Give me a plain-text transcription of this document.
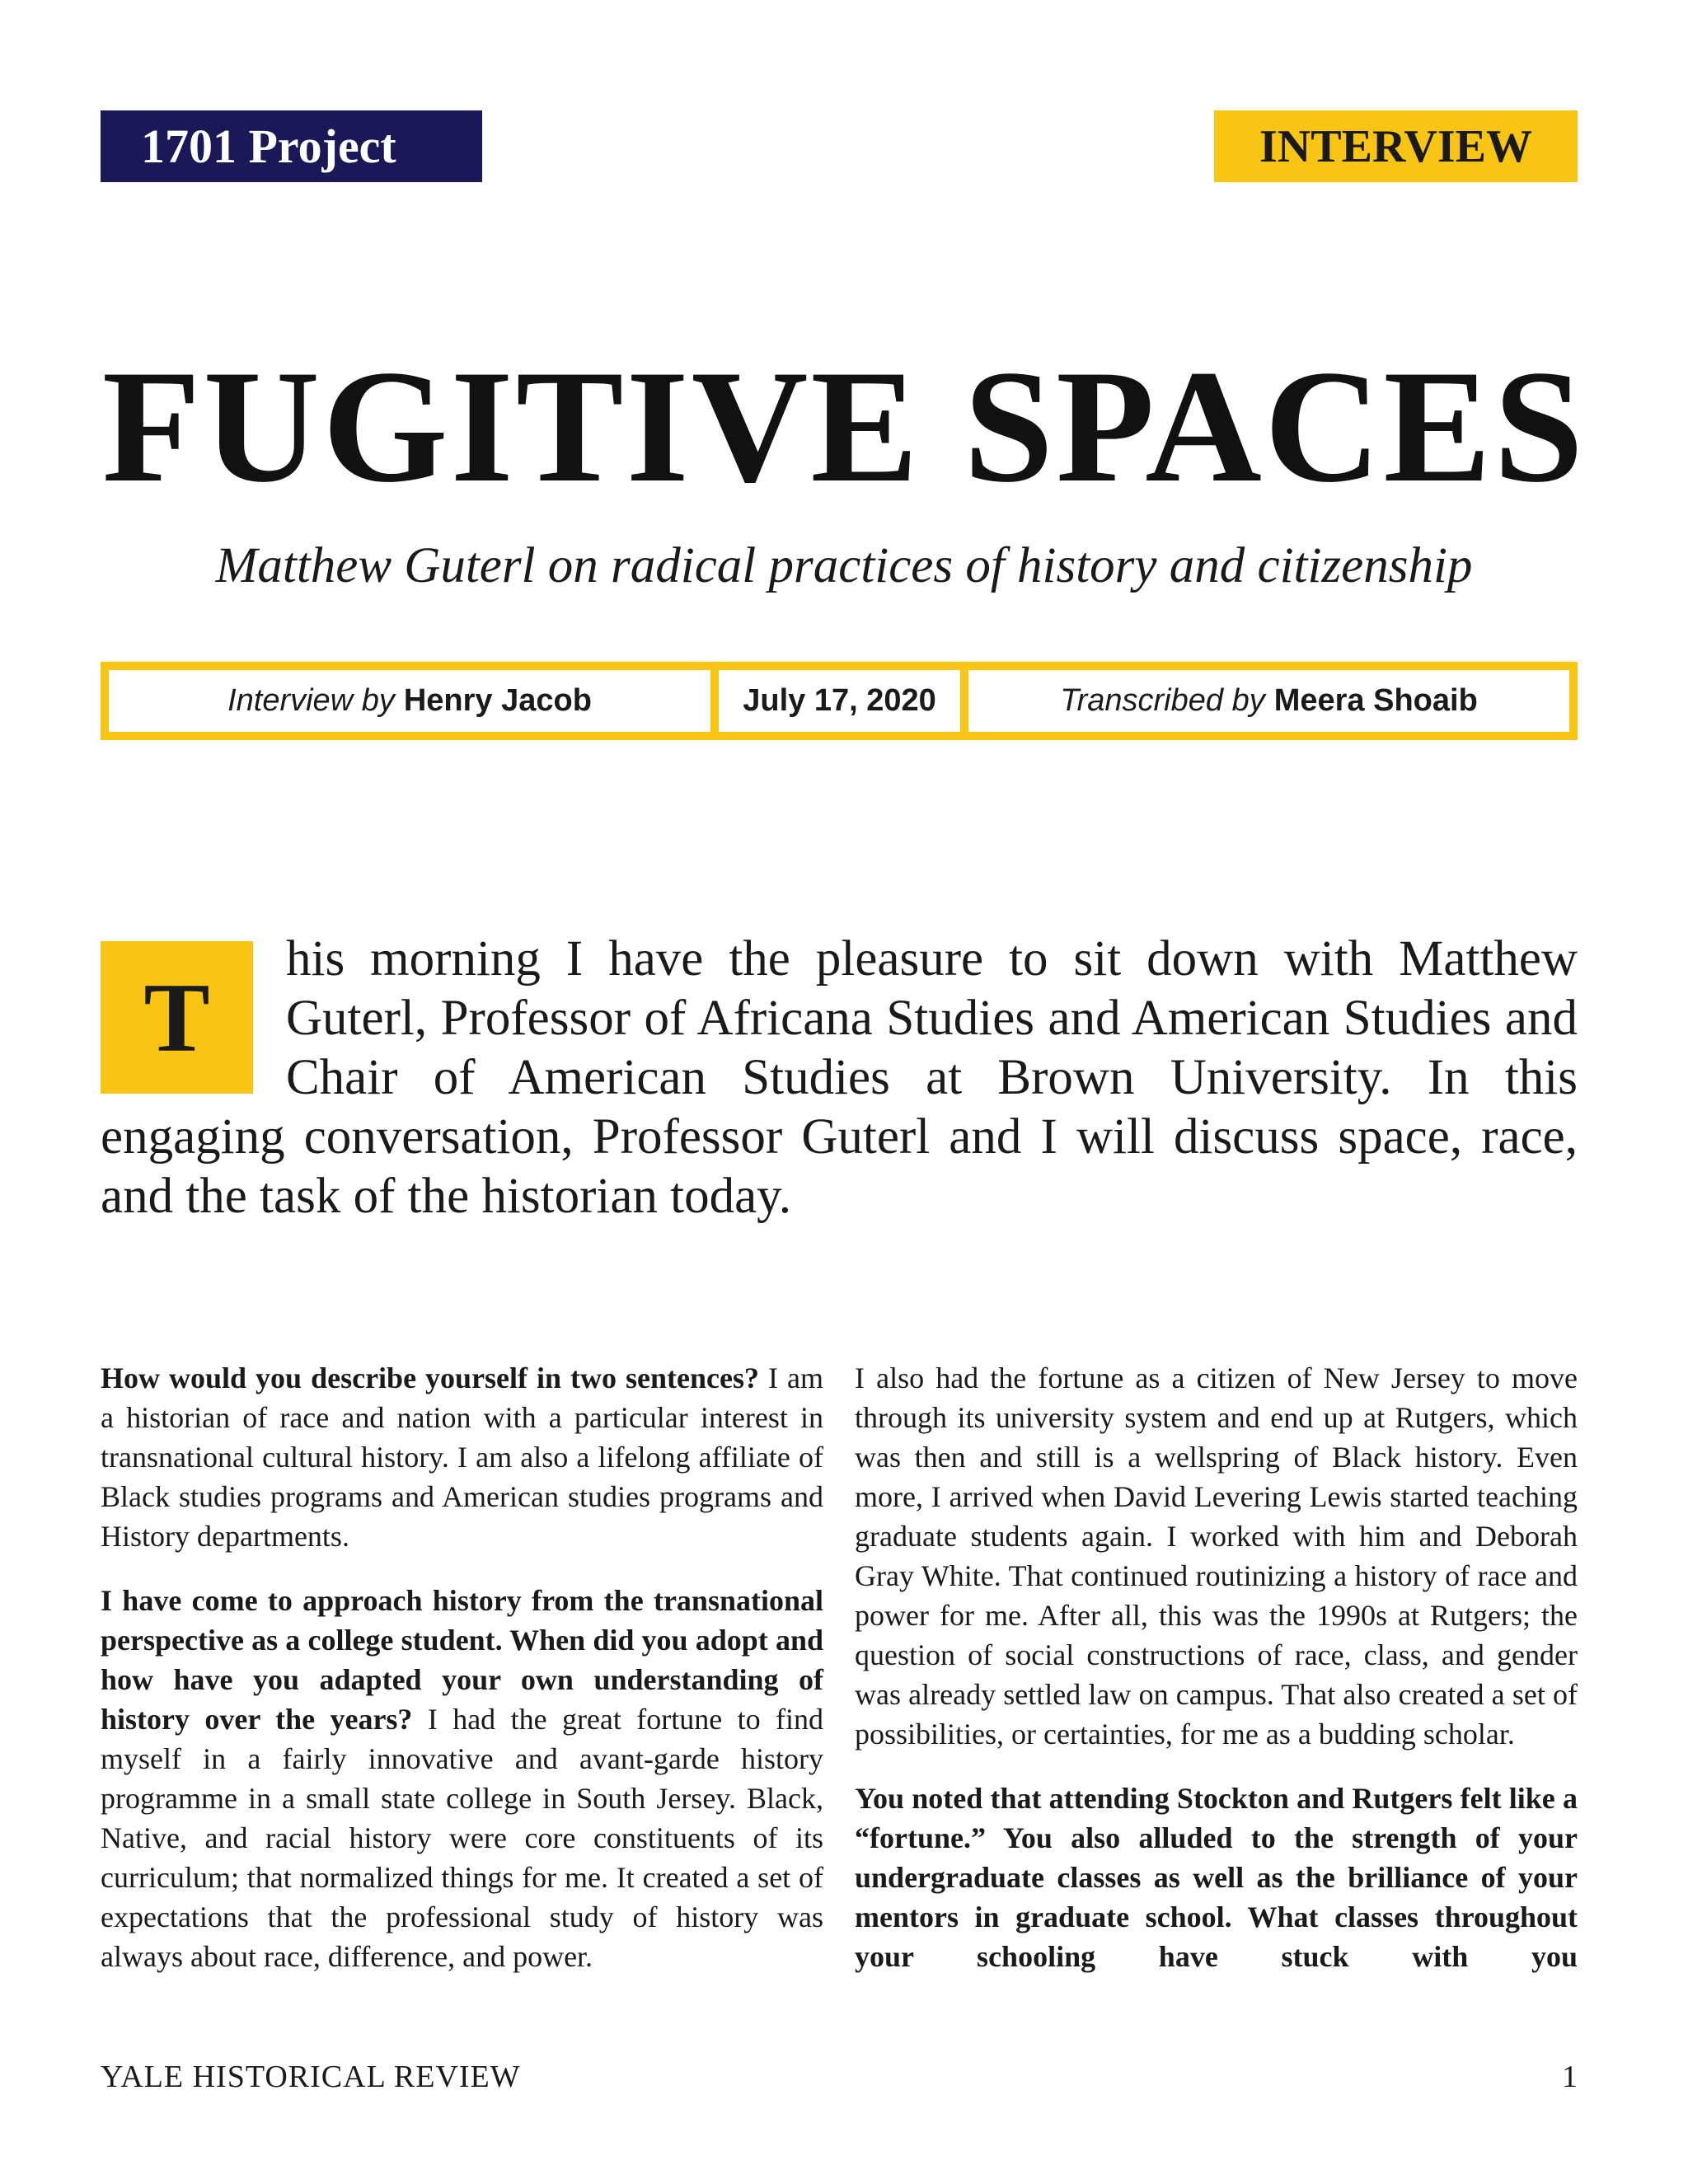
1701 Project	INTERVIEW
FUGITIVE SPACES
Matthew Guterl on radical practices of history and citizenship
Interview by Henry Jacob	July 17, 2020	Transcribed by Meera Shoaib
T
his morning I have the pleasure to sit down with Matthew Guterl, Professor of Africana Studies and American Studies and Chair of American Studies at Brown University. In this engaging conversation, Professor Guterl and I will discuss space, race, and the task of the historian today.

How would you describe yourself in two sentences? I am a historian of race and nation with a particular interest in transnational cultural history. I am also a lifelong affiliate of Black studies programs and American studies programs and History departments.

I have come to approach history from the transnational perspective as a college student. When did you adopt and how have you adapted your own understanding of history over the years? I had the great fortune to find myself in a fairly innovative and avant-garde history programme in a small state college in South Jersey. Black, Native, and racial history were core constituents of its curriculum; that normalized things for me. It created a set of expectations that the professional study of history was always about race, difference, and power.

I also had the fortune as a citizen of New Jersey to move through its university system and end up at Rutgers, which was then and still is a wellspring of Black history. Even more, I arrived when David Levering Lewis started teaching graduate students again. I worked with him and Deborah Gray White. That continued routinizing a history of race and power for me. After all, this was the 1990s at Rutgers; the question of social constructions of race, class, and gender was already settled law on campus. That also created a set of possibilities, or certainties, for me as a budding scholar.

You noted that attending Stockton and Rutgers felt like a “fortune.” You also alluded to the strength of your undergraduate classes as well as the brilliance of your mentors in graduate school. What classes throughout your schooling have stuck with you

YALE HISTORICAL REVIEW	1
